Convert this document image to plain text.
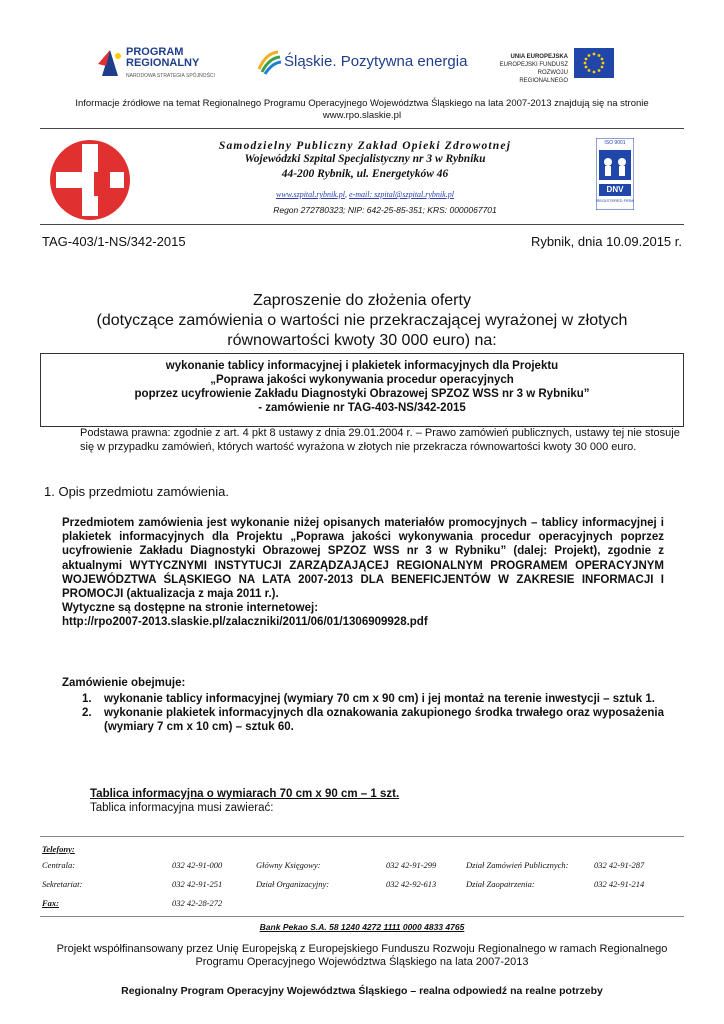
PROGRAM
REGIONALNY
NARODOWA STRATEGIA SPÓJNOŚCI
Śląskie. Pozytywna energia	UNIA EUROPEJSKA
EUROPEJSKI FUNDUSZ
ROZWOJU REGIONALNEGO
Informacje źródłowe na temat Regionalnego Programu Operacyjnego Województwa Śląskiego na lata 2007-2013 znajdują się na stronie www.rpo.slaskie.pl
Samodzielny Publiczny Zakład Opieki Zdrowotnej
Wojewódzki Szpital Specjalistyczny nr 3 w Rybniku
44-200 Rybnik, ul. Energetyków 46
www.szpital.rybnik.pl, e-mail: szpital@szpital.rybnik.pl
Regon 272780323; NIP: 642-25-85-351; KRS: 0000067701
ISO 9001
DNV
REGISTERED FIRM
TAG-403/1-NS/342-2015	Rybnik, dnia 10.09.2015 r.
Zaproszenie do złożenia oferty
(dotyczące zamówienia o wartości nie przekraczającej wyrażonej w złotych
równowartości kwoty 30 000 euro) na:
wykonanie tablicy informacyjnej i plakietek informacyjnych dla Projektu
„Poprawa jakości wykonywania procedur operacyjnych
poprzez ucyfrowienie Zakładu Diagnostyki Obrazowej SPZOZ WSS nr 3 w Rybniku”
- zamówienie nr TAG-403-NS/342-2015
Podstawa prawna: zgodnie z art. 4 pkt 8 ustawy z dnia 29.01.2004 r. – Prawo zamówień publicznych, ustawy tej nie stosuje się w przypadku zamówień, których wartość wyrażona w złotych nie przekracza równowartości kwoty 30 000 euro.
1. Opis przedmiotu zamówienia.
Przedmiotem zamówienia jest wykonanie niżej opisanych materiałów promocyjnych – tablicy informacyjnej i plakietek informacyjnych dla Projektu „Poprawa jakości wykonywania procedur operacyjnych poprzez ucyfrowienie Zakładu Diagnostyki Obrazowej SPZOZ WSS nr 3 w Rybniku” (dalej: Projekt), zgodnie z aktualnymi WYTYCZNYMI INSTYTUCJI ZARZĄDZAJĄCEJ REGIONALNYM PROGRAMEM OPERACYJNYM WOJEWÓDZTWA ŚLĄSKIEGO NA LATA 2007-2013 DLA BENEFICJENTÓW W ZAKRESIE INFORMACJI I PROMOCJI (aktualizacja z maja 2011 r.).
Wytyczne są dostępne na stronie internetowej:
http://rpo2007-2013.slaskie.pl/zalaczniki/2011/06/01/1306909928.pdf
Zamówienie obejmuje:
1. wykonanie tablicy informacyjnej (wymiary 70 cm x 90 cm) i jej montaż na terenie inwestycji – sztuk 1.
2. wykonanie plakietek informacyjnych dla oznakowania zakupionego środka trwałego oraz wyposażenia (wymiary 7 cm x 10 cm) – sztuk 60.
Tablica informacyjna o wymiarach 70 cm x 90 cm – 1 szt.
Tablica informacyjna musi zawierać:
Telefony:
Centrala:	032 42-91-000	Główny Księgowy:	032 42-91-299	Dział Zamówień Publicznych:	032 42-91-287
Sekretariat:	032 42-91-251	Dział Organizacyjny:	032 42-92-613	Dział Zaopatrzenia:	032 42-91-214
Fax:	032 42-28-272
Bank Pekao S.A. 58 1240 4272 1111 0000 4833 4765
Projekt współfinansowany przez Unię Europejską z Europejskiego Funduszu Rozwoju Regionalnego w ramach Regionalnego Programu Operacyjnego Województwa Śląskiego na lata 2007-2013
Regionalny Program Operacyjny Województwa Śląskiego – realna odpowiedź na realne potrzeby
